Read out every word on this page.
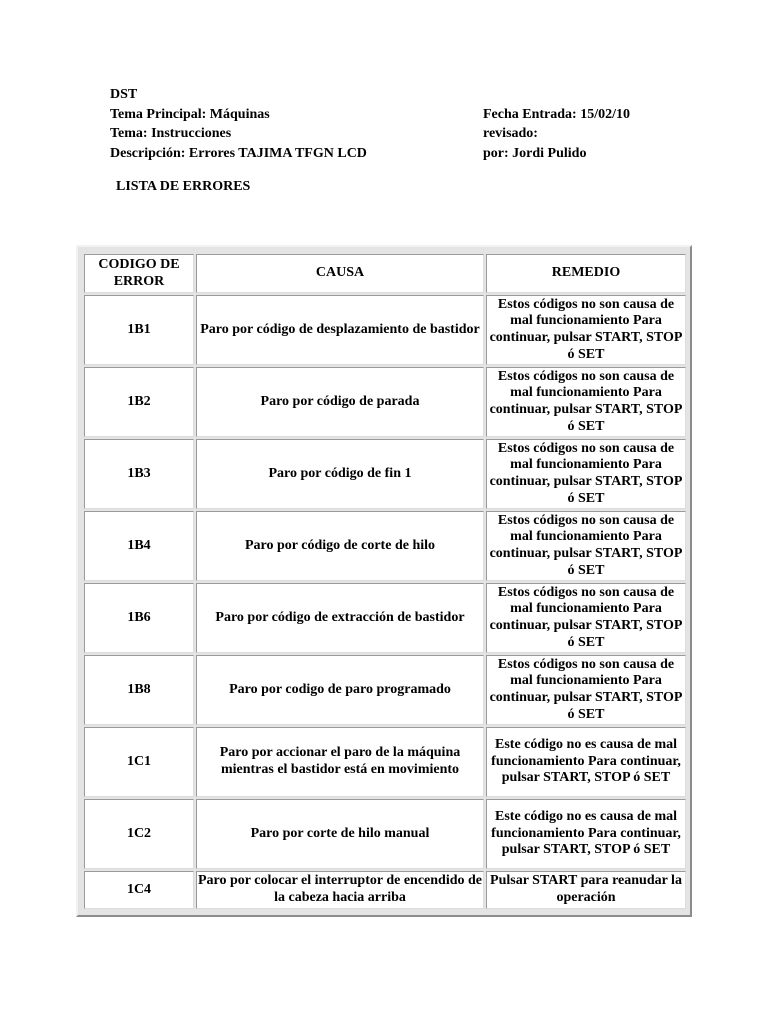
DST
Tema Principal: Máquinas	Fecha Entrada: 15/02/10
Tema: Instrucciones	revisado:
Descripción: Errores TAJIMA TFGN LCD	por: Jordi Pulido
LISTA DE ERRORES
CODIGO DE ERROR	CAUSA	REMEDIO
1B1	Paro por código de desplazamiento de bastidor	Estos códigos no son causa de mal funcionamiento Para continuar, pulsar START, STOP ó SET
1B2	Paro por código de parada	Estos códigos no son causa de mal funcionamiento Para continuar, pulsar START, STOP ó SET
1B3	Paro por código de fin 1	Estos códigos no son causa de mal funcionamiento Para continuar, pulsar START, STOP ó SET
1B4	Paro por código de corte de hilo	Estos códigos no son causa de mal funcionamiento Para continuar, pulsar START, STOP ó SET
1B6	Paro por código de extracción de bastidor	Estos códigos no son causa de mal funcionamiento Para continuar, pulsar START, STOP ó SET
1B8	Paro por codigo de paro programado	Estos códigos no son causa de mal funcionamiento Para continuar, pulsar START, STOP ó SET
1C1	Paro por accionar el paro de la máquina mientras el bastidor está en movimiento	Este código no es causa de mal funcionamiento Para continuar, pulsar START, STOP ó SET
1C2	Paro por corte de hilo manual	Este código no es causa de mal funcionamiento Para continuar, pulsar START, STOP ó SET
1C4	Paro por colocar el interruptor de encendido de la cabeza hacia arriba	Pulsar START para reanudar la operación
